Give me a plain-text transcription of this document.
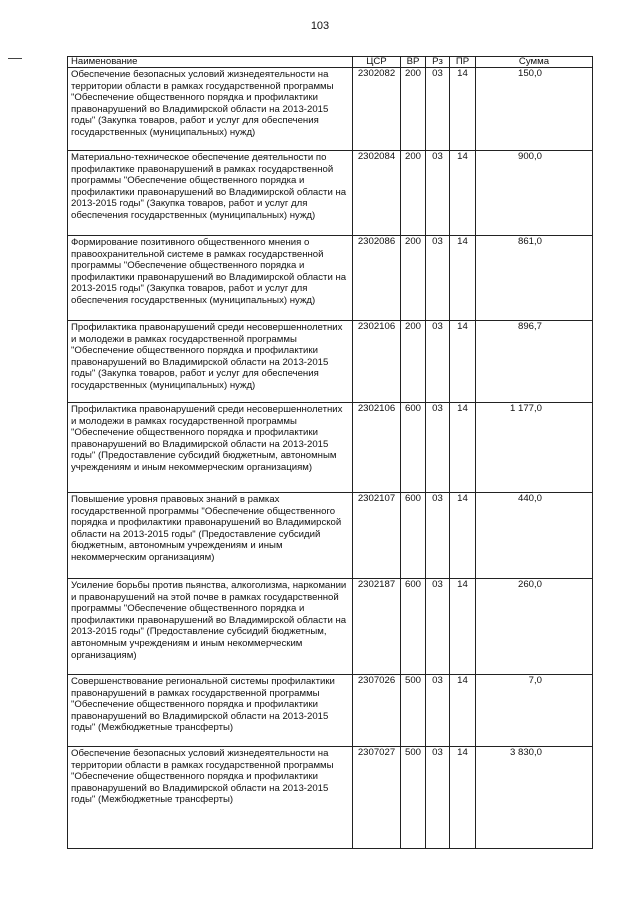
103
Наименование	ЦСР	ВР	Рз	ПР	Сумма
Обеспечение безопасных условий жизнедеятельности на территории области в рамках государственной программы "Обеспечение общественного порядка и профилактики правонарушений во Владимирской области на 2013-2015 годы" (Закупка товаров, работ и услуг для обеспечения государственных (муниципальных) нужд)	2302082	200	03	14	150,0
Материально-техническое обеспечение деятельности по профилактике правонарушений в рамках государственной программы "Обеспечение общественного порядка и профилактики правонарушений во Владимирской области на 2013-2015 годы" (Закупка товаров, работ и услуг для обеспечения государственных (муниципальных) нужд)	2302084	200	03	14	900,0
Формирование позитивного общественного мнения о правоохранительной системе в рамках государственной программы "Обеспечение общественного порядка и профилактики правонарушений во Владимирской области на 2013-2015 годы" (Закупка товаров, работ и услуг для обеспечения государственных (муниципальных) нужд)	2302086	200	03	14	861,0
Профилактика правонарушений среди несовершеннолетних и молодежи в рамках государственной программы "Обеспечение общественного порядка и профилактики правонарушений во Владимирской области на 2013-2015 годы" (Закупка товаров, работ и услуг для обеспечения государственных (муниципальных) нужд)	2302106	200	03	14	896,7
Профилактика правонарушений среди несовершеннолетних и молодежи в рамках государственной программы "Обеспечение общественного порядка и профилактики правонарушений во Владимирской области на 2013-2015 годы" (Предоставление субсидий бюджетным, автономным учреждениям и иным некоммерческим организациям)	2302106	600	03	14	1 177,0
Повышение уровня правовых знаний в рамках государственной программы "Обеспечение общественного порядка и профилактики правонарушений во Владимирской области на 2013-2015 годы" (Предоставление субсидий бюджетным, автономным учреждениям и иным некоммерческим организациям)	2302107	600	03	14	440,0
Усиление борьбы против пьянства, алкоголизма, наркомании и правонарушений на этой почве в рамках государственной программы "Обеспечение общественного порядка и профилактики правонарушений во Владимирской области на 2013-2015 годы" (Предоставление субсидий бюджетным, автономным учреждениям и иным некоммерческим организациям)	2302187	600	03	14	260,0
Совершенствование региональной системы профилактики правонарушений в рамках государственной программы "Обеспечение общественного порядка и профилактики правонарушений во Владимирской области на 2013-2015 годы" (Межбюджетные трансферты)	2307026	500	03	14	7,0
Обеспечение безопасных условий жизнедеятельности на территории области в рамках государственной программы "Обеспечение общественного порядка и профилактики правонарушений во Владимирской области на 2013-2015 годы" (Межбюджетные трансферты)	2307027	500	03	14	3 830,0
